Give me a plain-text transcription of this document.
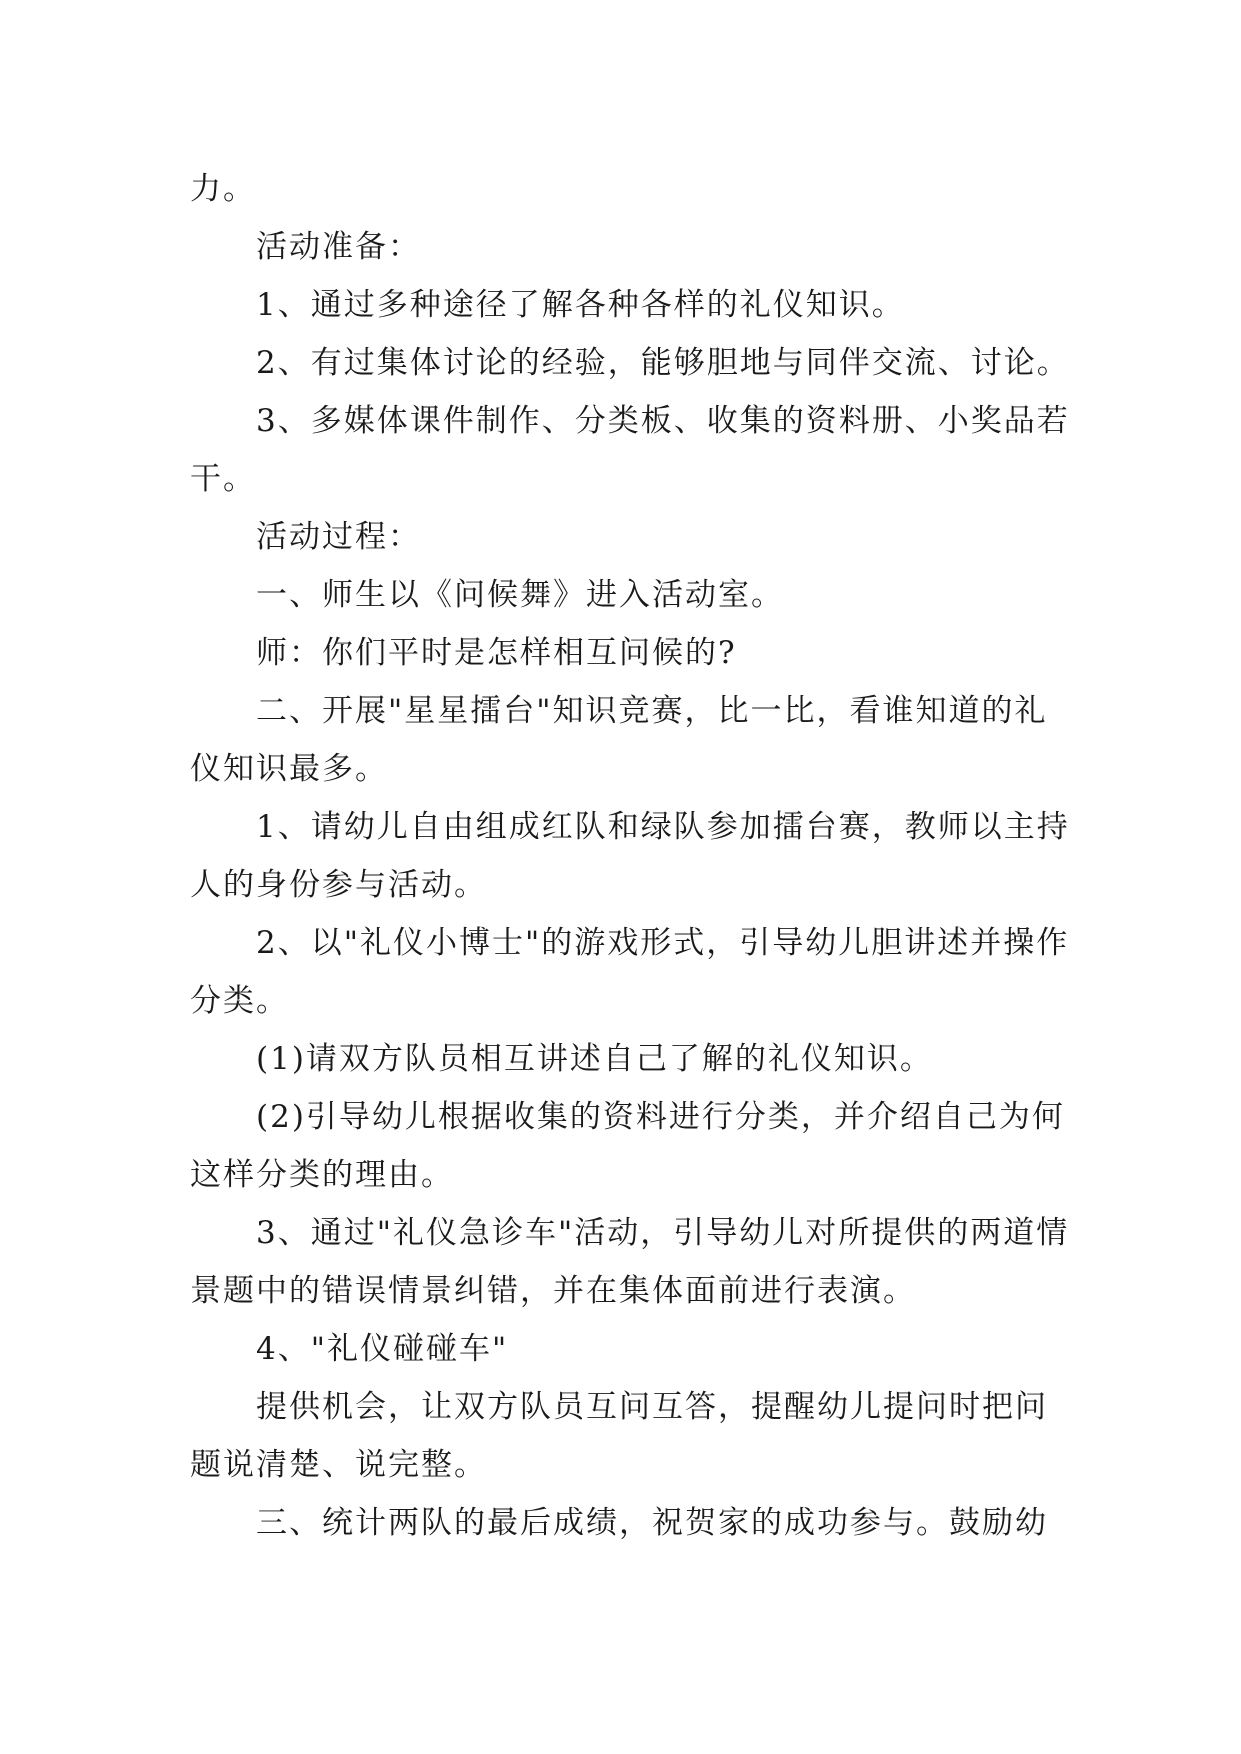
力。

活动准备：

1、通过多种途径了解各种各样的礼仪知识。

2、有过集体讨论的经验，能够胆地与同伴交流、讨论。

3、多媒体课件制作、分类板、收集的资料册、小奖品若干。

活动过程：

一、师生以《问候舞》进入活动室。

师：你们平时是怎样相互问候的?

二、开展"星星擂台"知识竞赛，比一比，看谁知道的礼仪知识最多。

1、请幼儿自由组成红队和绿队参加擂台赛，教师以主持人的身份参与活动。

2、以"礼仪小博士"的游戏形式，引导幼儿胆讲述并操作分类。

(1)请双方队员相互讲述自己了解的礼仪知识。

(2)引导幼儿根据收集的资料进行分类，并介绍自己为何这样分类的理由。

3、通过"礼仪急诊车"活动，引导幼儿对所提供的两道情景题中的错误情景纠错，并在集体面前进行表演。

4、"礼仪碰碰车"

提供机会，让双方队员互问互答，提醒幼儿提问时把问题说清楚、说完整。

三、统计两队的最后成绩，祝贺家的成功参与。鼓励幼
